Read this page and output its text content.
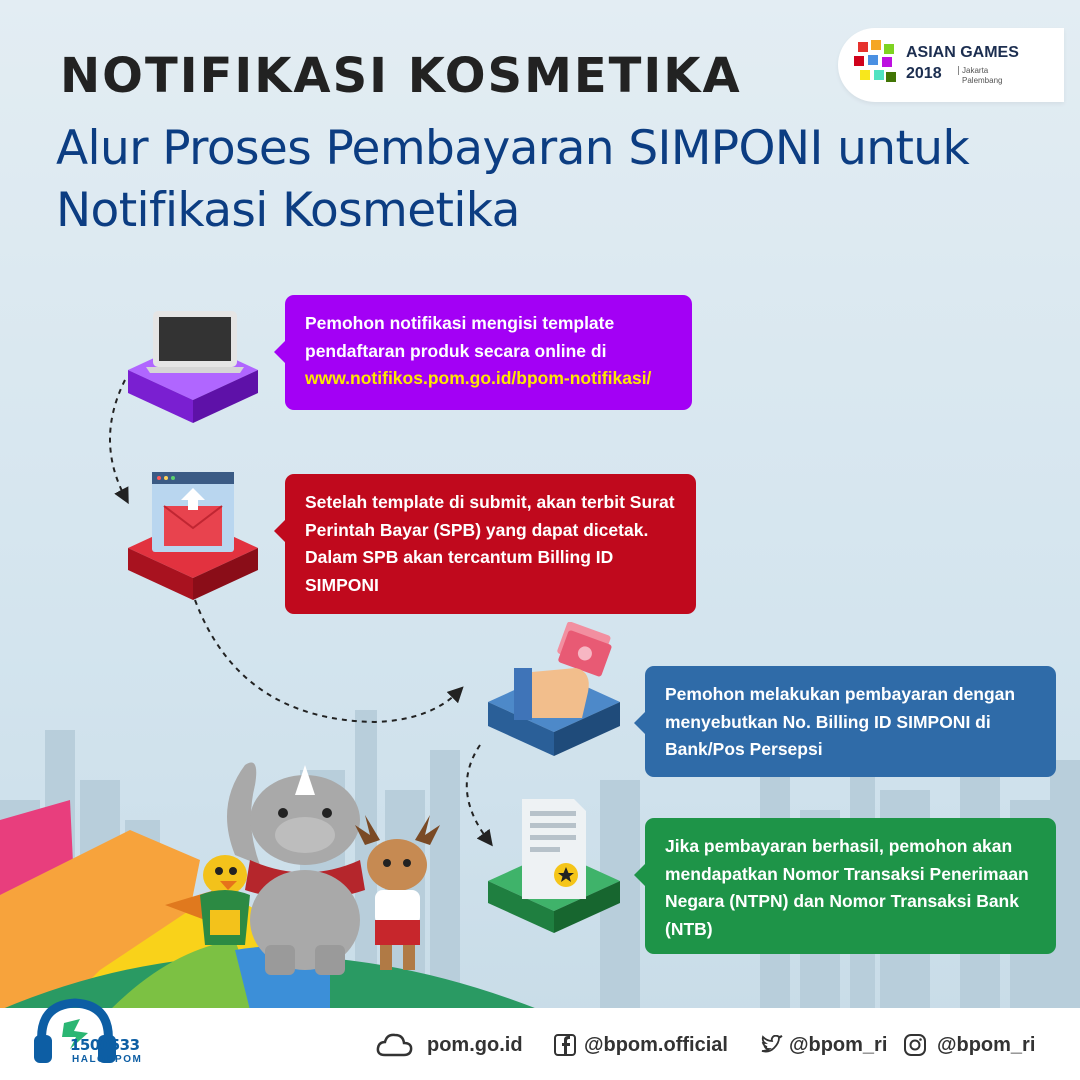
NOTIFIKASI KOSMETIKA
Alur Proses Pembayaran SIMPONI untuk Notifikasi Kosmetika
ASIAN GAMES
2018	Jakarta
Palembang
Pemohon notifikasi mengisi template pendaftaran produk secara online di www.notifikos.pom.go.id/bpom-notifikasi/
Setelah template di submit, akan terbit Surat Perintah Bayar (SPB) yang dapat dicetak. Dalam SPB akan tercantum Billing ID SIMPONI
Pemohon melakukan pembayaran dengan menyebutkan No. Billing ID SIMPONI di Bank/Pos Persepsi
Jika pembayaran berhasil, pemohon akan mendapatkan Nomor Transaksi Penerimaan Negara (NTPN) dan Nomor Transaksi Bank (NTB)
1500533
HALOBPOM
pom.go.id	@bpom.official	@bpom_ri @bpom_ri
